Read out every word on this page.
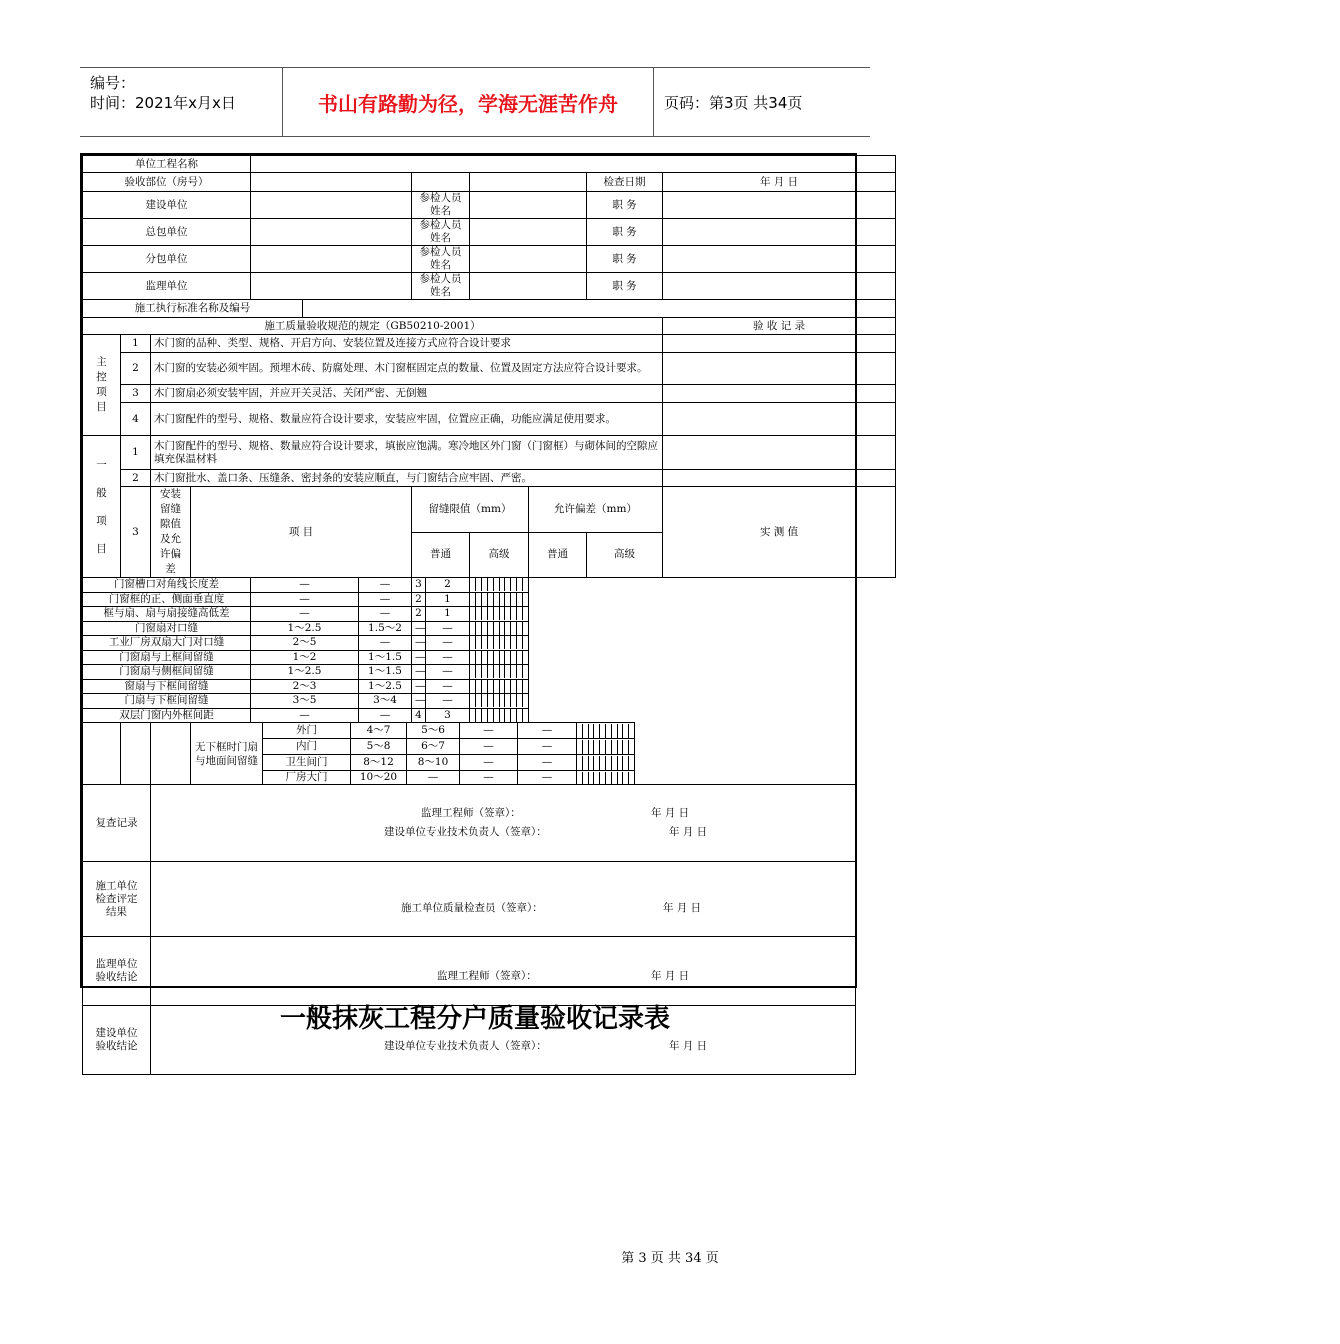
编号：
时间：2021年x月x日	书山有路勤为径，学海无涯苦作舟	页码：第3页 共34页
单位工程名称												
验收部位（房号）											检查日期	年 月 日
建设单位							参检人员姓名				职 务	
总包单位							参检人员姓名				职 务	
分包单位							参检人员姓名				职 务	
监理单位							参检人员姓名				职 务	
施工执行标准名称及编号												
施工质量验收规范的规定（GB50210-2001）												验 收 记 录
主控项目	1	木门窗的品种、类型、规格、开启方向、安装位置及连接方式应符合设计要求										
	2	木门窗的安装必须牢固。预埋木砖、防腐处理、木门窗框固定点的数量、位置及固定方法应符合设计要求。										
	3	木门窗扇必须安装牢固，并应开关灵活、关闭严密、无倒翘										
	4	木门窗配件的型号、规格、数量应符合设计要求，安装应牢固，位置应正确，功能应满足使用要求。										
一般项目	1	木门窗配件的型号、规格、数量应符合设计要求，填嵌应饱满。寒冷地区外门窗（门窗框）与砌体间的空隙应填充保温材料										
	2	木门窗批水、盖口条、压缝条、密封条的安装应顺直，与门窗结合应牢固、严密。										
	3	安装留缝隙值及允许偏差	项 目				留缝限值（mm）			允许偏差（mm）		实 测 值
							普通		高级	普通	高级	
门窗槽口对角线长度差				—		—	3	2				

门窗框的正、侧面垂直度				—		—	2	1				

框与扇、扇与扇接缝高低差				—		—	2	1				

门窗扇对口缝				1～2.5		1.5～2	—	—				

工业厂房双扇大门对口缝				2～5		—	—	—				

门窗扇与上框间留缝				1～2		1～1.5	—	—				

门窗扇与侧框间留缝				1～2.5		1～1.5	—	—				

窗扇与下框间留缝				2～3		1～2.5	—	—				

门扇与下框间留缝				3～5		3～4	—	—				

双层门窗内外框间距				—		—	4	3				
			无下框时门扇与地面间留缝	外门	4～7	5～6	—	—	

				内门	5～8	6～7	—	—	

				卫生间门	8～12	8～10	—	—	

				厂房大门	10～20	—	—	—	

复查记录		监理工程师（签章）： 年 月 日
建设单位专业技术负责人（签章）： 年 月 日							

施工单位检查评定结果		施工单位质量检查员（签章）： 年 月 日							

监理单位验收结论		监理工程师（签章）： 年 月 日							

建设单位验收结论		建设单位专业技术负责人（签章）： 年 月 日							
一般抹灰工程分户质量验收记录表
第 3 页 共 34 页
